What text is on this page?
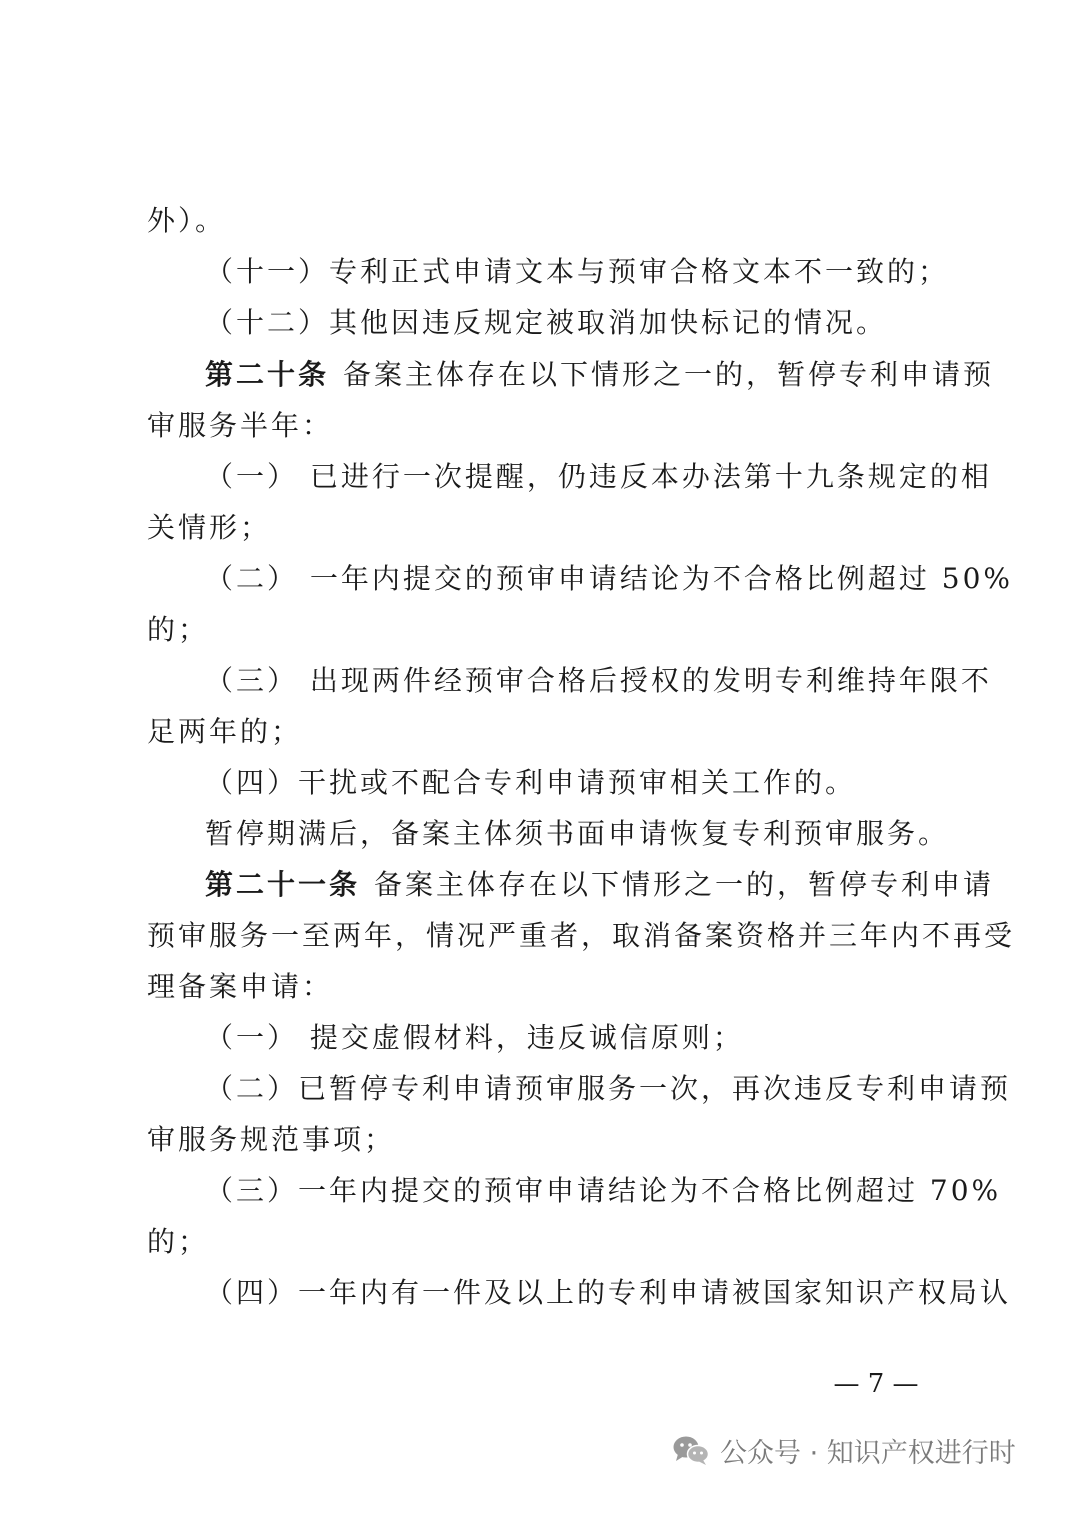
外）。
（十一）专利正式申请文本与预审合格文本不一致的；
（十二）其他因违反规定被取消加快标记的情况。
第二十条 备案主体存在以下情形之一的，暂停专利申请预
审服务半年：
（一） 已进行一次提醒，仍违反本办法第十九条规定的相
关情形；
（二） 一年内提交的预审申请结论为不合格比例超过 50%
的；
（三） 出现两件经预审合格后授权的发明专利维持年限不
足两年的；
（四）干扰或不配合专利申请预审相关工作的。
暂停期满后，备案主体须书面申请恢复专利预审服务。
第二十一条 备案主体存在以下情形之一的，暂停专利申请
预审服务一至两年，情况严重者，取消备案资格并三年内不再受
理备案申请：
（一） 提交虚假材料，违反诚信原则；
（二）已暂停专利申请预审服务一次，再次违反专利申请预
审服务规范事项；
（三）一年内提交的预审申请结论为不合格比例超过 70%
的；
（四）一年内有一件及以上的专利申请被国家知识产权局认
— 7 —
公众号 · 知识产权进行时
